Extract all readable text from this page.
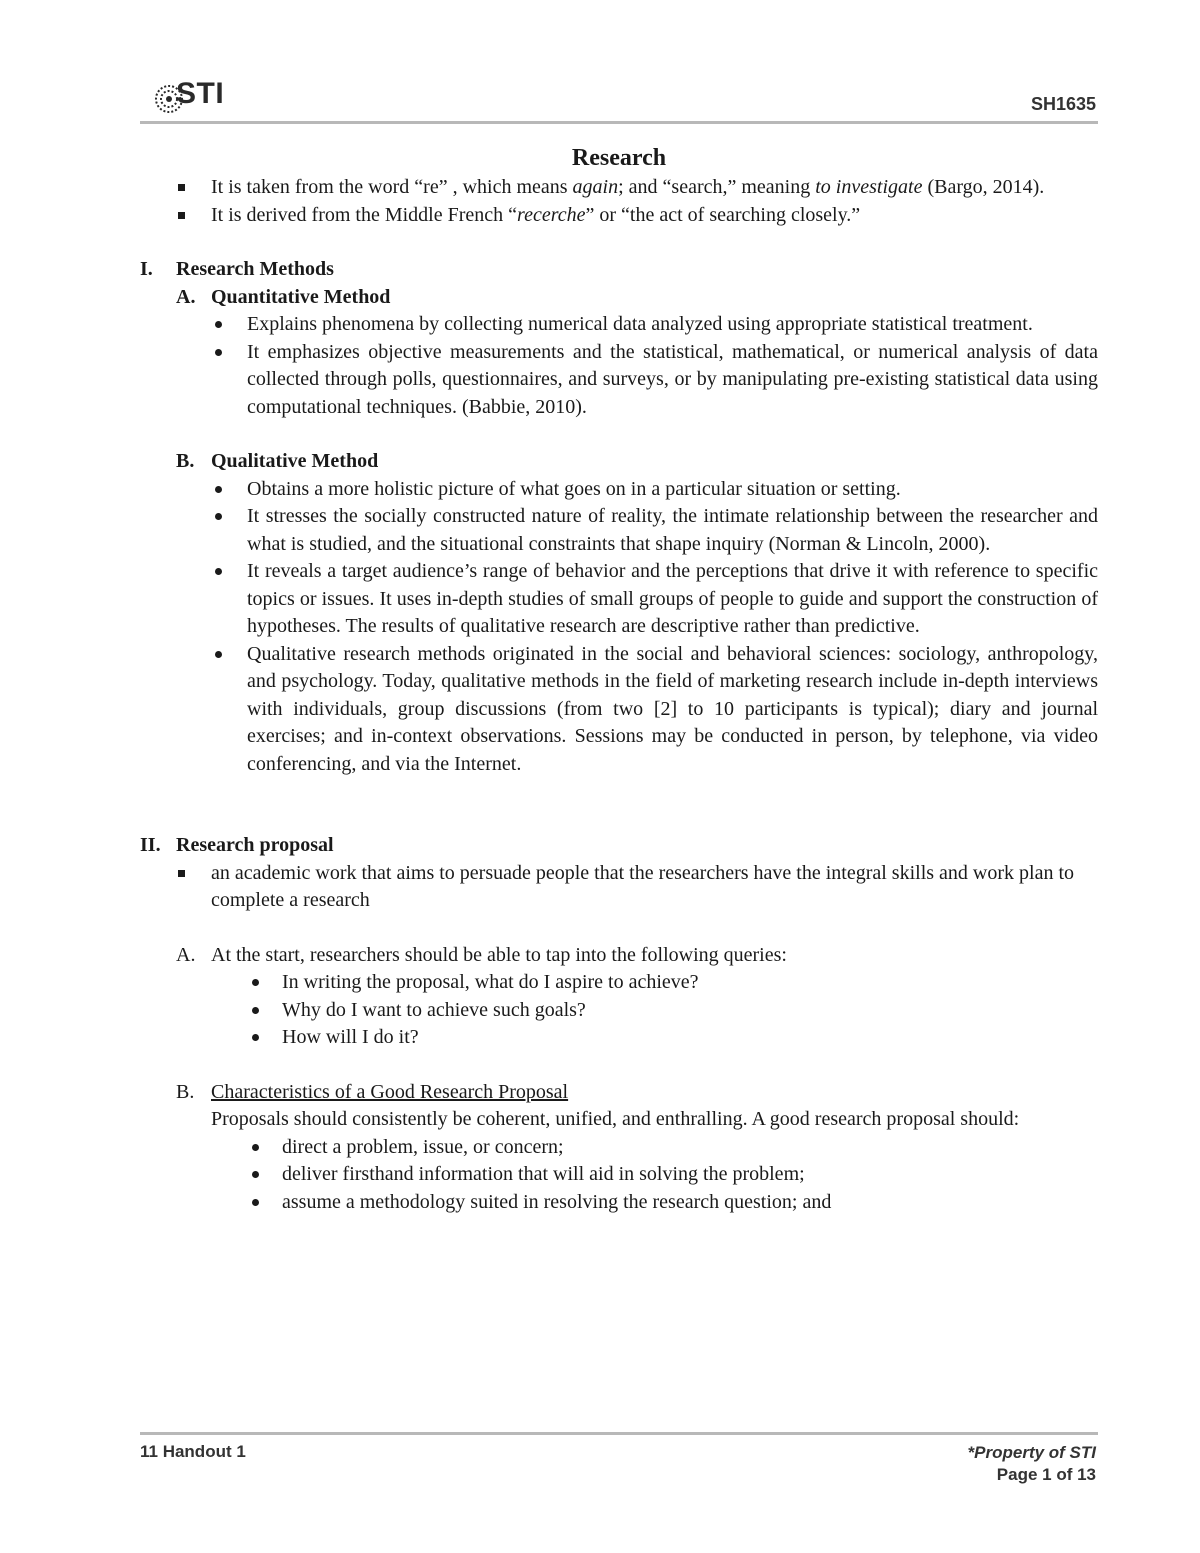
STI	SH1635
Research
It is taken from the word “re” , which means again; and “search,” meaning to investigate (Bargo, 2014).
It is derived from the Middle French “recerche” or “the act of searching closely.”
I. Research Methods
A. Quantitative Method
Explains phenomena by collecting numerical data analyzed using appropriate statistical treatment.
It emphasizes objective measurements and the statistical, mathematical, or numerical analysis of data collected through polls, questionnaires, and surveys, or by manipulating pre-existing statistical data using computational techniques. (Babbie, 2010).
B. Qualitative Method
Obtains a more holistic picture of what goes on in a particular situation or setting.
It stresses the socially constructed nature of reality, the intimate relationship between the researcher and what is studied, and the situational constraints that shape inquiry (Norman & Lincoln, 2000).
It reveals a target audience’s range of behavior and the perceptions that drive it with reference to specific topics or issues. It uses in-depth studies of small groups of people to guide and support the construction of hypotheses. The results of qualitative research are descriptive rather than predictive.
Qualitative research methods originated in the social and behavioral sciences: sociology, anthropology, and psychology. Today, qualitative methods in the field of marketing research include in-depth interviews with individuals, group discussions (from two [2] to 10 participants is typical); diary and journal exercises; and in-context observations. Sessions may be conducted in person, by telephone, via video conferencing, and via the Internet.
II. Research proposal
an academic work that aims to persuade people that the researchers have the integral skills and work plan to complete a research
A. At the start, researchers should be able to tap into the following queries:
In writing the proposal, what do I aspire to achieve?
Why do I want to achieve such goals?
How will I do it?
B. Characteristics of a Good Research Proposal
Proposals should consistently be coherent, unified, and enthralling. A good research proposal should:
direct a problem, issue, or concern;
deliver firsthand information that will aid in solving the problem;
assume a methodology suited in resolving the research question; and
11 Handout 1	*Property of STI
Page 1 of 13
